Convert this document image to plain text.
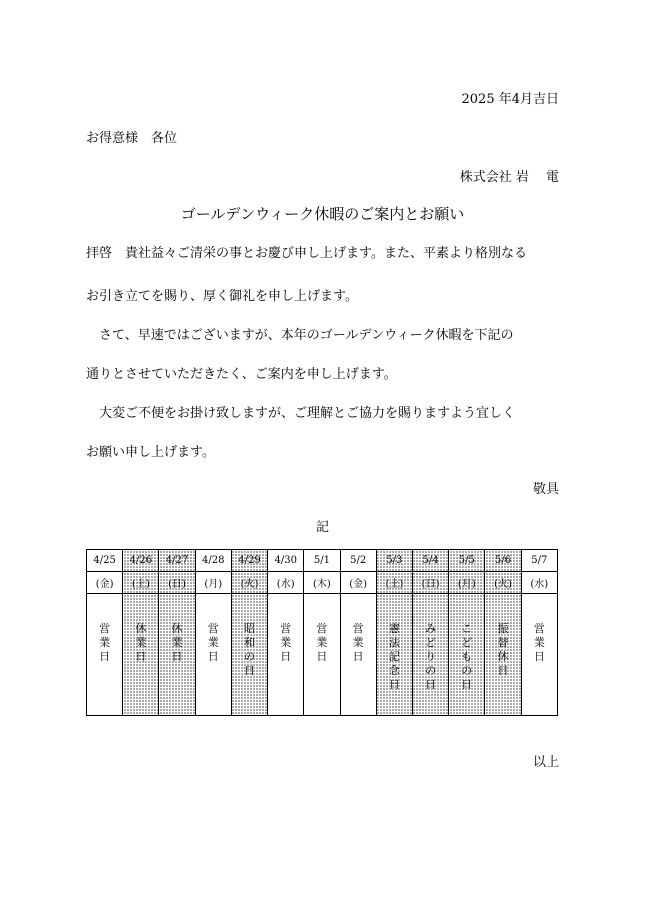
2025 年4月吉日
お得意様　各位
株式会社 岩　 電
ゴールデンウィーク休暇のご案内とお願い
拝啓　貴社益々ご清栄の事とお慶び申し上げます。また、平素より格別なる
お引き立てを賜り、厚く御礼を申し上げます。
　さて、早速ではございますが、本年のゴールデンウィーク休暇を下記の
通りとさせていただきたく、ご案内を申し上げます。
　大変ご不便をお掛け致しますが、ご理解とご協力を賜りますよう宜しく
お願い申し上げます。
敬具
記
4/25	4/26	4/27	4/28	4/29	4/30	5/1	5/2	5/3	5/4	5/5	5/6	5/7
(金)	(土)	(日)	(月)	(火)	(水)	(木)	(金)	(土)	(日)	(月)	(火)	(水)
営業日	休業日	休業日	営業日	昭和の日	営業日	営業日	営業日	憲法記念日	みどりの日	こどもの日	振替休日	営業日
以上
